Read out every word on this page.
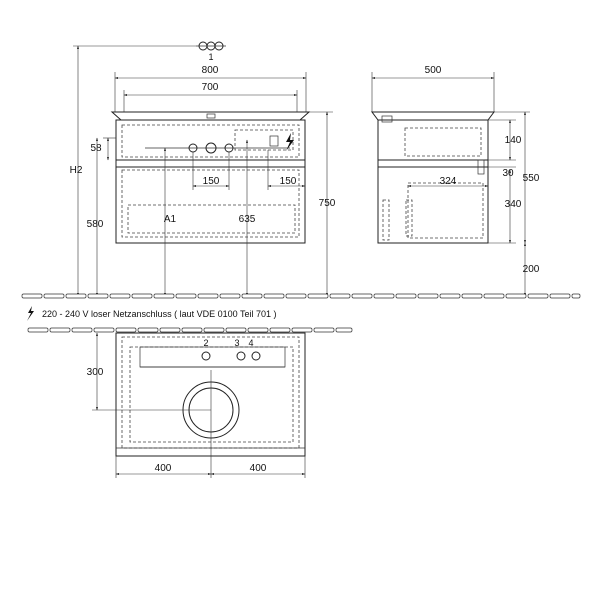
1
800
700
58
150	150
H2
580	A1	635
750
500
140
30
324
340
550
200
220 - 240 V loser Netzanschluss ( laut VDE 0100 Teil 701 )
2	3 4
300
400	400
